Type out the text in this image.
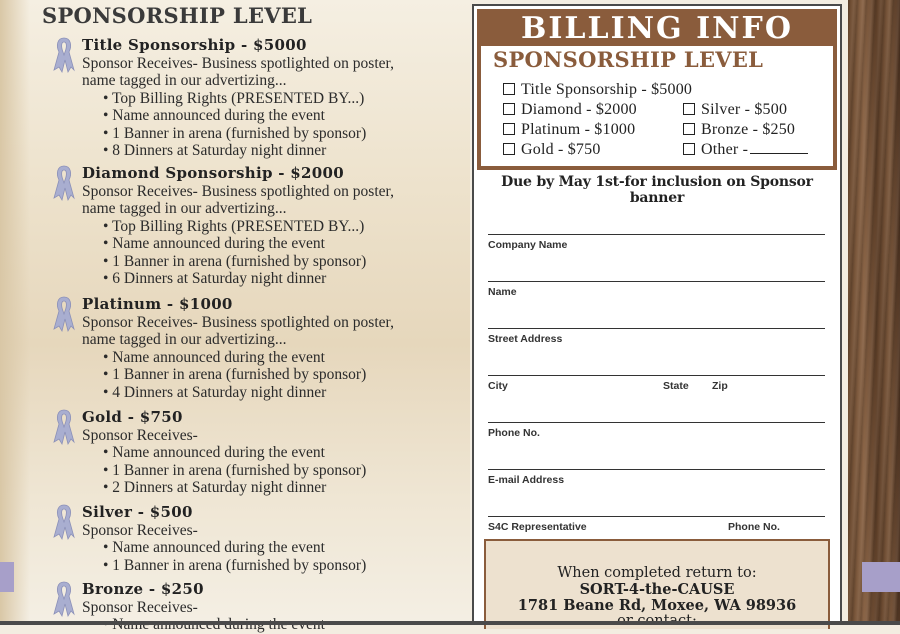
SPONSORSHIP LEVEL
Title Sponsorship - $5000
Sponsor Receives- Business spotlighted on poster,
name tagged in our advertizing...
• Top Billing Rights (PRESENTED BY...)
• Name announced during the event
• 1 Banner in arena (furnished by sponsor)
• 8 Dinners at Saturday night dinner
Diamond Sponsorship - $2000
Sponsor Receives- Business spotlighted on poster,
name tagged in our advertizing...
• Top Billing Rights (PRESENTED BY...)
• Name announced during the event
• 1 Banner in arena (furnished by sponsor)
• 6 Dinners at Saturday night dinner
Platinum - $1000
Sponsor Receives- Business spotlighted on poster,
name tagged in our advertizing...
• Name announced during the event
• 1 Banner in arena (furnished by sponsor)
• 4 Dinners at Saturday night dinner
Gold - $750
Sponsor Receives-
• Name announced during the event
• 1 Banner in arena (furnished by sponsor)
• 2 Dinners at Saturday night dinner
Silver - $500
Sponsor Receives-
• Name announced during the event
• 1 Banner in arena (furnished by sponsor)
Bronze - $250
Sponsor Receives-
BILLING INFO
SPONSORSHIP LEVEL
Title Sponsorship - $5000
Diamond - $2000	Silver - $500
Platinum - $1000	Bronze - $250
Gold - $750	Other -
Due by May 1st-for inclusion on Sponsor banner
Company Name
Name
Street Address
City	State Zip
Phone No.
E-mail Address
S4C Representative	Phone No.
When completed return to:
SORT-4-the-CAUSE
1781 Beane Rd, Moxee, WA 98936
